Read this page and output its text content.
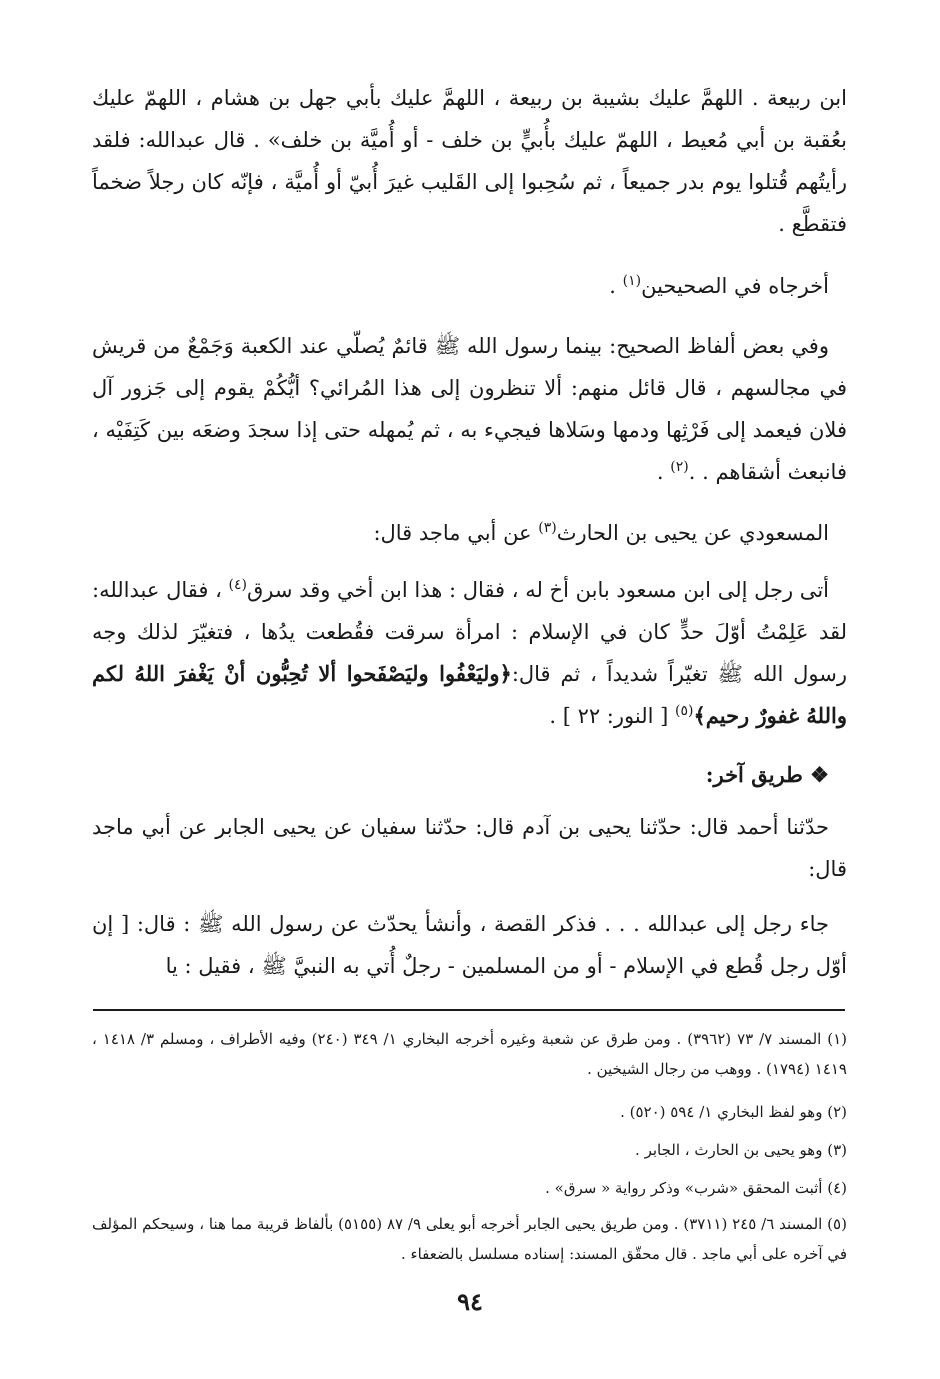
ابن ربيعة . اللهمَّ عليك بشيبة بن ربيعة ، اللهمَّ عليك بأبي جهل بن هشام ، اللهمّ عليك بعُقبة بن أبي مُعيط ، اللهمّ عليك بأُبيٍّ بن خلف - أو أُميَّة بن خلف» . قال عبدالله: فلقد رأيتُهم قُتلوا يوم بدر جميعاً ، ثم سُحِبوا إلى القَليب غيرَ أُبيّ أو أُميَّة ، فإنّه كان رجلاً ضخماً فتقطَّع .

أخرجاه في الصحيحين$^{(١)}$ .

وفي بعض ألفاظ الصحيح: بينما رسول الله ﷺ قائمٌ يُصلّي عند الكعبة وَجَمْعٌ من قريش في مجالسهم ، قال قائل منهم: ألا تنظرون إلى هذا المُرائي؟ أيُّكُمْ يقوم إلى جَزور آل فلان فيعمد إلى فَرْثِها ودمها وسَلاها فيجيء به ، ثم يُمهله حتى إذا سجدَ وضعَه بين كَتِفَيْه ، فانبعث أشقاهم . .$^{(٢)}$ .

المسعودي عن يحيى بن الحارث$^{(٣)}$ عن أبي ماجد قال:

أتى رجل إلى ابن مسعود بابن أخ له ، فقال : هذا ابن أخي وقد سرق$^{(٤)}$ ، فقال عبدالله: لقد عَلِمْتُ أوّلَ حدٍّ كان في الإسلام : امرأة سرقت فقُطعت يدُها ، فتغيّرَ لذلك وجه رسول الله ﷺ تغيّراً شديداً ، ثم قال:﴿وليَعْفُوا وليَصْفَحوا ألا تُحِبُّون أنْ يَغْفرَ اللهُ لكم واللهُ غفورٌ رحيم﴾$^{(٥)}$ [ النور: ٢٢ ] .

❖ طريق آخر:

حدّثنا أحمد قال: حدّثنا يحيى بن آدم قال: حدّثنا سفيان عن يحيى الجابر عن أبي ماجد قال:

جاء رجل إلى عبدالله . . . فذكر القصة ، وأنشأ يحدّث عن رسول الله ﷺ : قال: [ إن أوّل رجل قُطع في الإسلام - أو من المسلمين - رجلٌ أُتي به النبيَّ ﷺ ، فقيل : يا

(١) المسند ٧/ ٧٣ (٣٩٦٢) . ومن طرق عن شعبة وغيره أخرجه البخاري ١/ ٣٤٩ (٢٤٠) وفيه الأطراف ، ومسلم ٣/ ١٤١٨ ، ١٤١٩ (١٧٩٤) . ووهب من رجال الشيخين .

(٢) وهو لفظ البخاري ١/ ٥٩٤ (٥٢٠) .

(٣) وهو يحيى بن الحارث ، الجابر .

(٤) أثبت المحقق «شرب» وذكر رواية « سرق» .

(٥) المسند ٦/ ٢٤٥ (٣٧١١) . ومن طريق يحيى الجابر أخرجه أبو يعلى ٩/ ٨٧ (٥١٥٥) بألفاظ قريبة مما هنا ، وسيحكم المؤلف في آخره على أبي ماجد . قال محقّق المسند: إسناده مسلسل بالضعفاء .

٩٤
